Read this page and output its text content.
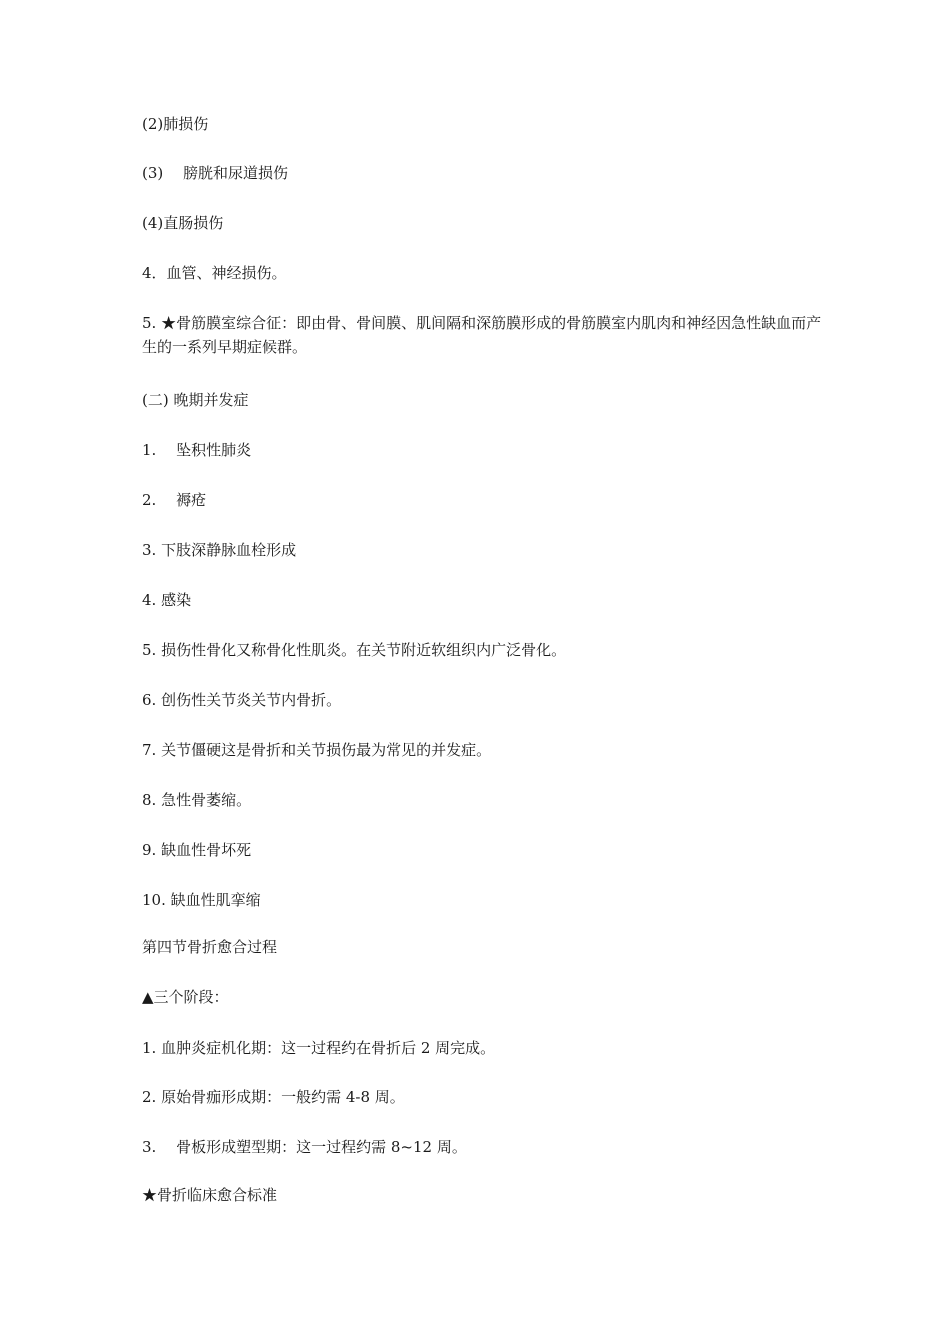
(2)肺损伤

(3)　 膀胱和尿道损伤

(4)直肠损伤

4．血管、神经损伤。

5. ★骨筋膜室综合征：即由骨、骨间膜、肌间隔和深筋膜形成的骨筋膜室内肌肉和神经因急性缺血而产生的一系列早期症候群。

(二) 晚期并发症

1.　 坠积性肺炎

2.　 褥疮

3. 下肢深静脉血栓形成

4. 感染

5. 损伤性骨化又称骨化性肌炎。在关节附近软组织内广泛骨化。

6. 创伤性关节炎关节内骨折。

7. 关节僵硬这是骨折和关节损伤最为常见的并发症。

8. 急性骨萎缩。

9. 缺血性骨坏死

10. 缺血性肌挛缩

第四节骨折愈合过程

▲三个阶段：

1. 血肿炎症机化期：这一过程约在骨折后 2 周完成。

2. 原始骨痂形成期：一般约需 4-8 周。

3.　 骨板形成塑型期：这一过程约需 8~12 周。

★骨折临床愈合标准
